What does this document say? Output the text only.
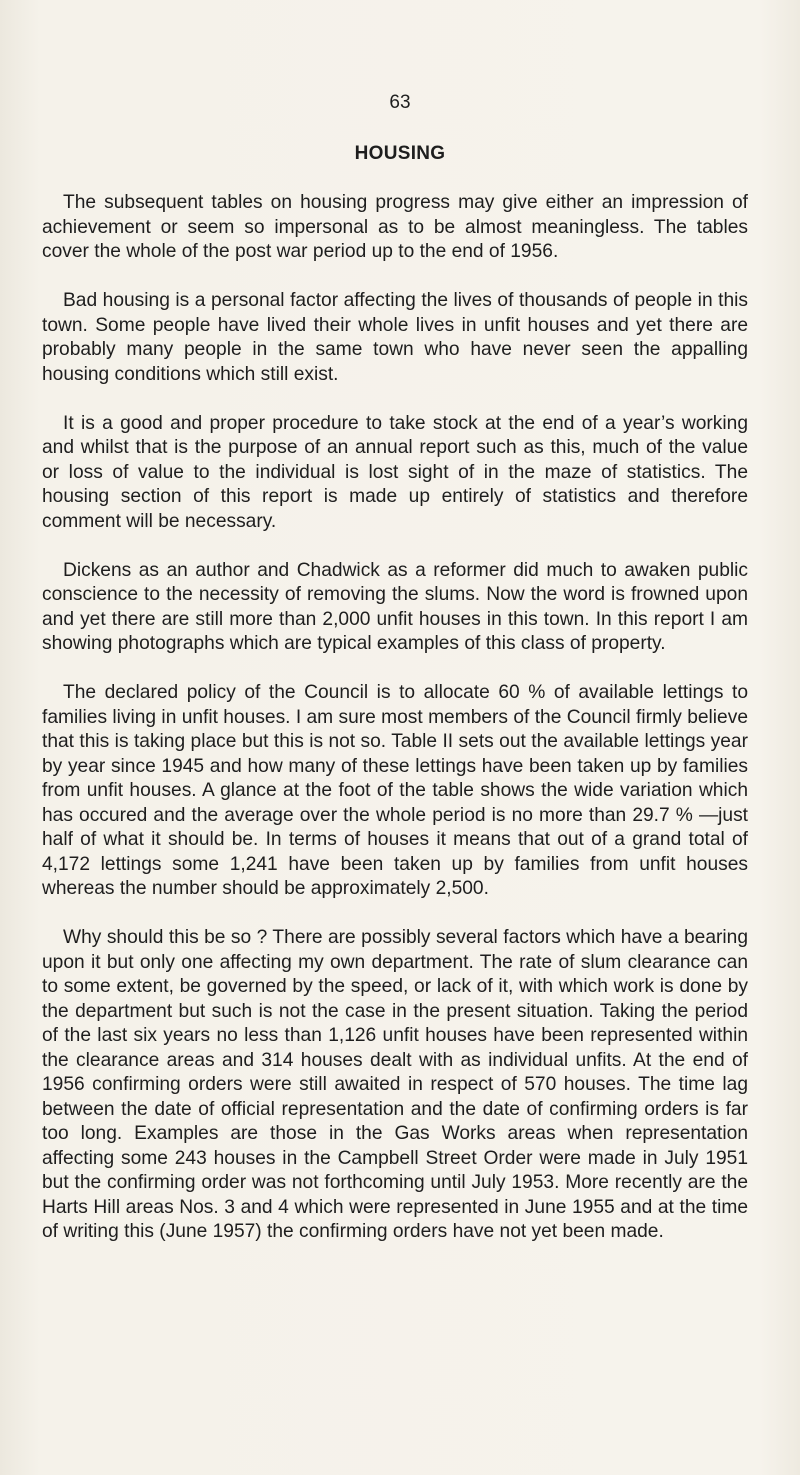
63
HOUSING

The subsequent tables on housing progress may give either an impression of achievement or seem so impersonal as to be almost meaningless. The tables cover the whole of the post war period up to the end of 1956.

Bad housing is a personal factor affecting the lives of thousands of people in this town. Some people have lived their whole lives in unfit houses and yet there are probably many people in the same town who have never seen the appalling housing conditions which still exist.

It is a good and proper procedure to take stock at the end of a year’s working and whilst that is the purpose of an annual report such as this, much of the value or loss of value to the individual is lost sight of in the maze of statistics. The housing section of this report is made up entirely of statistics and therefore comment will be necessary.

Dickens as an author and Chadwick as a reformer did much to awaken public conscience to the necessity of removing the slums. Now the word is frowned upon and yet there are still more than 2,000 unfit houses in this town. In this report I am showing photographs which are typical examples of this class of property.

The declared policy of the Council is to allocate 60 % of available lettings to families living in unfit houses. I am sure most members of the Council firmly believe that this is taking place but this is not so. Table II sets out the available lettings year by year since 1945 and how many of these lettings have been taken up by families from unfit houses. A glance at the foot of the table shows the wide variation which has occured and the average over the whole period is no more than 29.7 % —just half of what it should be. In terms of houses it means that out of a grand total of 4,172 lettings some 1,241 have been taken up by families from unfit houses whereas the number should be approximately 2,500.

Why should this be so ? There are possibly several factors which have a bearing upon it but only one affecting my own department. The rate of slum clearance can to some extent, be governed by the speed, or lack of it, with which work is done by the department but such is not the case in the present situation. Taking the period of the last six years no less than 1,126 unfit houses have been represented within the clearance areas and 314 houses dealt with as individual unfits. At the end of 1956 confirming orders were still awaited in respect of 570 houses. The time lag between the date of official representation and the date of confirming orders is far too long. Examples are those in the Gas Works areas when representation affecting some 243 houses in the Campbell Street Order were made in July 1951 but the confirming order was not forthcoming until July 1953. More recently are the Harts Hill areas Nos. 3 and 4 which were represented in June 1955 and at the time of writing this (June 1957) the confirming orders have not yet been made.
